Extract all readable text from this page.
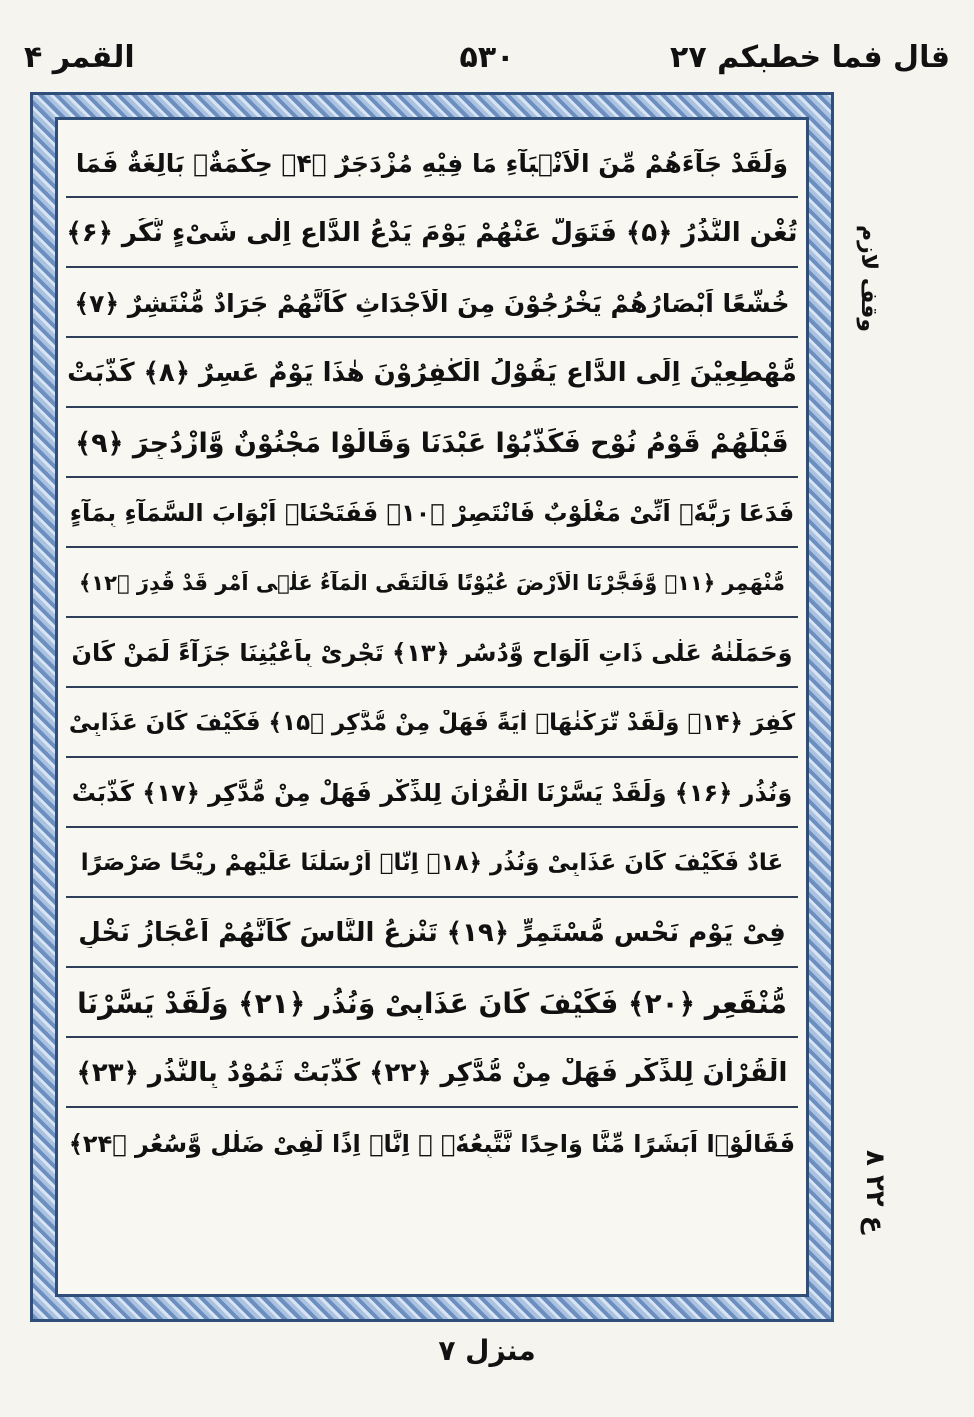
قال فما خطبکم ۲۷
۵۳۰
القمر ۴
وَلَقَدْ جَآءَهُمْ مِّنَ الْاَنْۢبَآءِ مَا فِیْهِ مُزْدَجَرٌ ﴿۴﴾ حِكْمَةٌۢ بَالِغَةٌ فَمَا
تُغْنِ النُّذُرُ ﴿۵﴾ فَتَوَلَّ عَنْهُمْ یَوْمَ یَدْعُ الدَّاعِ اِلٰى شَیْءٍ نُّكُرٍ ﴿۶﴾
خُشَّعًا اَبْصَارُهُمْ یَخْرُجُوْنَ مِنَ الْاَجْدَاثِ كَاَنَّهُمْ جَرَادٌ مُّنْتَشِرٌ ﴿۷﴾
مُّهْطِعِیْنَ اِلَى الدَّاعِ یَقُوْلُ الْكٰفِرُوْنَ هٰذَا یَوْمٌ عَسِرٌ ﴿۸﴾ كَذَّبَتْ
قَبْلَهُمْ قَوْمُ نُوْحٍ فَكَذَّبُوْا عَبْدَنَا وَقَالُوْا مَجْنُوْنٌ وَّازْدُجِرَ ﴿۹﴾
فَدَعَا رَبَّهٗۤ اَنِّیْ مَغْلُوْبٌ فَانْتَصِرْ ﴿۱۰﴾ فَفَتَحْنَاۤ اَبْوَابَ السَّمَآءِ بِمَآءٍ
مُّنْهَمِرٍ ﴿۱۱﴾ وَّفَجَّرْنَا الْاَرْضَ عُیُوْنًا فَالْتَقَى الْمَآءُ عَلٰۤى اَمْرٍ قَدْ قُدِرَ ﴿۱۲﴾
وَحَمَلْنٰهُ عَلٰى ذَاتِ اَلْوَاحٍ وَّدُسُرٍ ﴿۱۳﴾ تَجْرِیْ بِاَعْیُنِنَا جَزَآءً لِّمَنْ كَانَ
كُفِرَ ﴿۱۴﴾ وَلَقَدْ تَّرَكْنٰهَاۤ اٰیَةً فَهَلْ مِنْ مُّدَّكِرٍ ﴿۱۵﴾ فَكَیْفَ كَانَ عَذَابِیْ
وَنُذُرِ ﴿۱۶﴾ وَلَقَدْ یَسَّرْنَا الْقُرْاٰنَ لِلذِّكْرِ فَهَلْ مِنْ مُّدَّكِرٍ ﴿۱۷﴾ كَذَّبَتْ
عَادٌ فَكَیْفَ كَانَ عَذَابِیْ وَنُذُرِ ﴿۱۸﴾ اِنَّاۤ اَرْسَلْنَا عَلَیْهِمْ رِیْحًا صَرْصَرًا
فِیْ یَوْمِ نَحْسٍ مُّسْتَمِرٍّ ﴿۱۹﴾ تَنْزِعُ النَّاسَ كَاَنَّهُمْ اَعْجَازُ نَخْلٍ
مُّنْقَعِرٍ ﴿۲۰﴾ فَكَیْفَ كَانَ عَذَابِیْ وَنُذُرِ ﴿۲۱﴾ وَلَقَدْ یَسَّرْنَا
الْقُرْاٰنَ لِلذِّكْرِ فَهَلْ مِنْ مُّدَّكِرٍ ﴿۲۲﴾ كَذَّبَتْ ثَمُوْدُ بِالنُّذُرِ ﴿۲۳﴾
فَقَالُوْۤا اَبَشَرًا مِّنَّا وَاحِدًا نَّتَّبِعُهٗۤ ۙ اِنَّاۤ اِذًا لَّفِیْ ضَلٰلٍ وَّسُعُرٍ ﴿۲۴﴾
وقف لازم
ع ۲۲ ۸
منزل ۷
